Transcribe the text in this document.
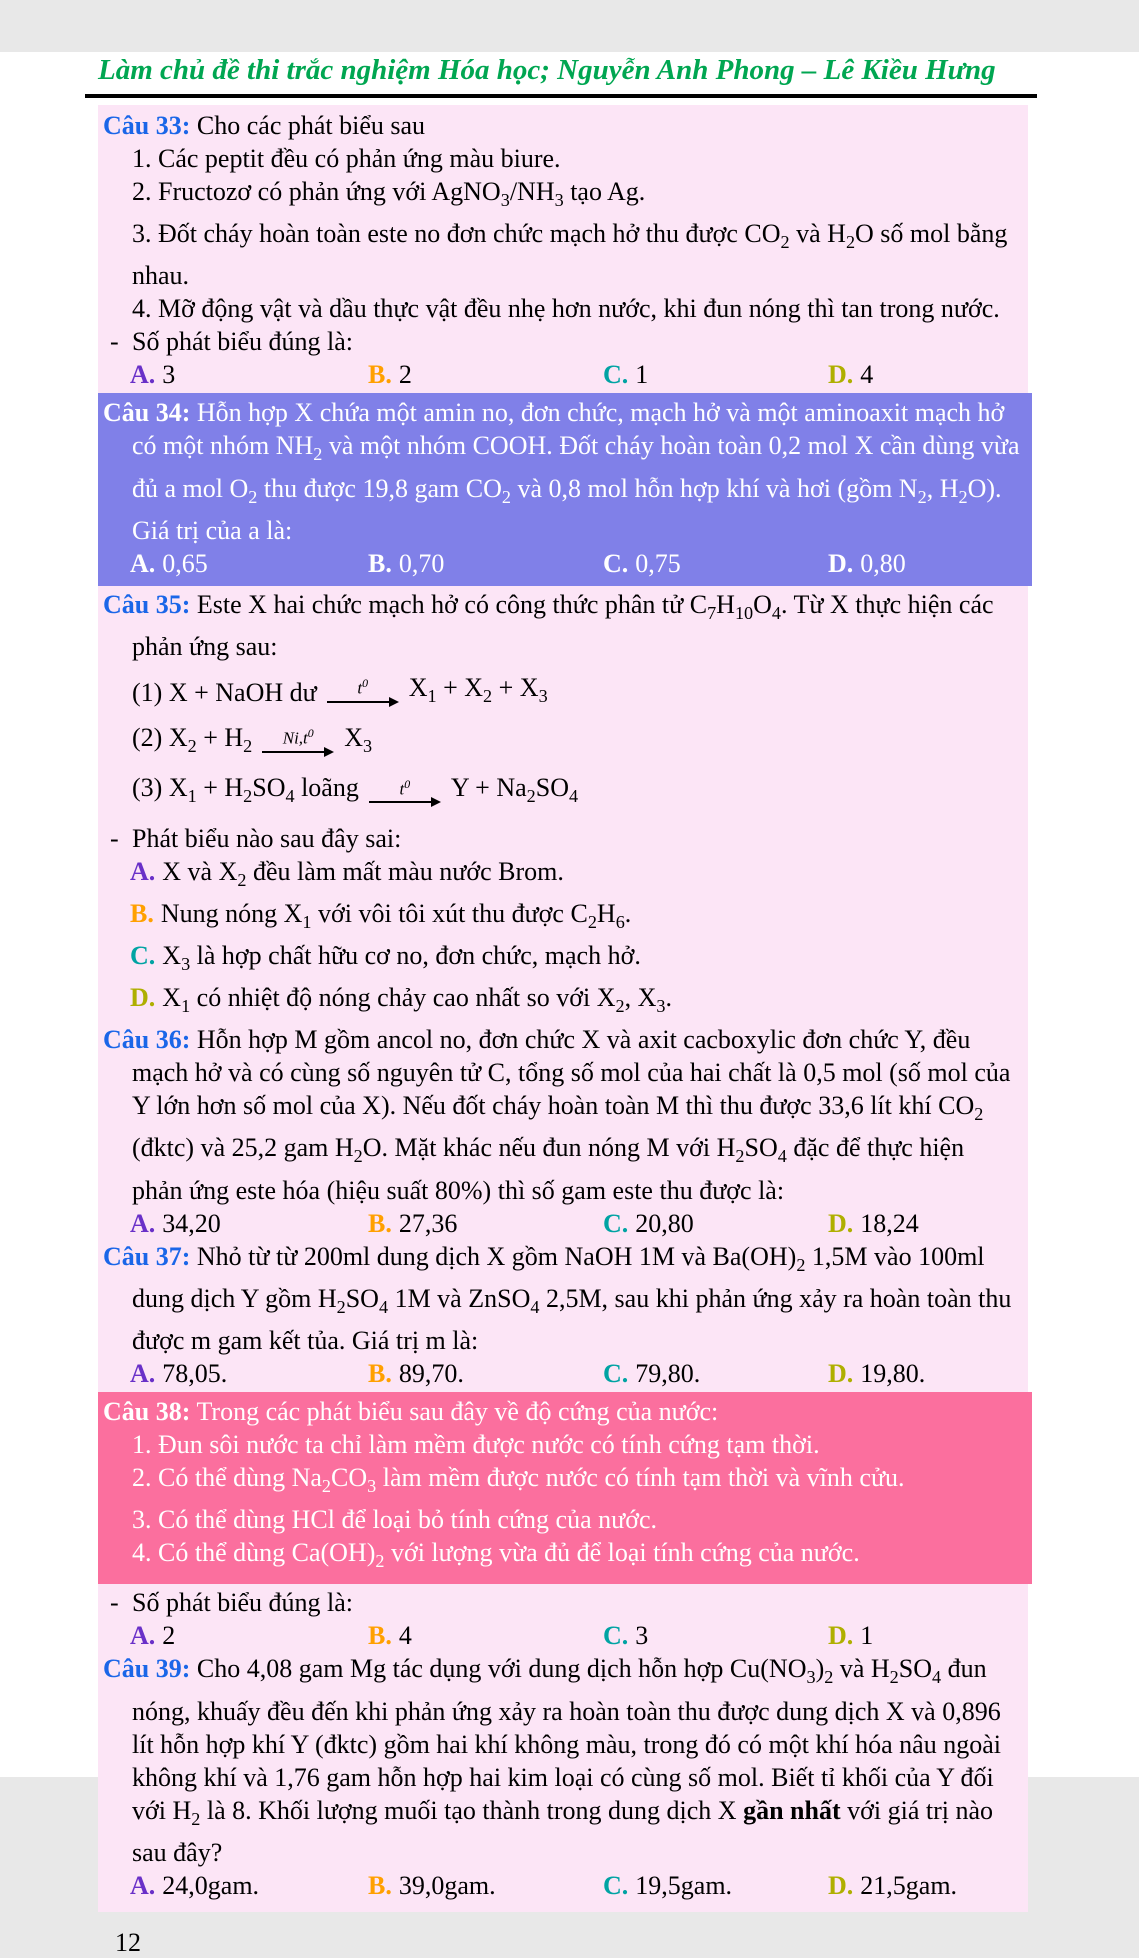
Làm chủ đề thi trắc nghiệm Hóa học; Nguyễn Anh Phong – Lê Kiều Hưng

Câu 33: Cho các phát biểu sau

1. Các peptit đều có phản ứng màu biure.

2. Fructozơ có phản ứng với $AgNO_3/NH_3$ tạo Ag.

3. Đốt cháy hoàn toàn este no đơn chức mạch hở thu được $CO_2$ và $H_2O$ số mol bằng nhau.

4. Mỡ động vật và dầu thực vật đều nhẹ hơn nước, khi đun nóng thì tan trong nước.

- Số phát biểu đúng là:
A. 3	B. 2	C. 1	D. 4

Câu 34: Hỗn hợp X chứa một amin no, đơn chức, mạch hở và một aminoaxit mạch hở có một nhóm $NH_2$ và một nhóm COOH. Đốt cháy hoàn toàn 0,2 mol X cần dùng vừa đủ a mol $O_2$ thu được 19,8 gam $CO_2$ và 0,8 mol hỗn hợp khí và hơi (gồm $N_2$, $H_2O$). Giá trị của a là:

A. 0,65	B. 0,70	C. 0,75	D. 0,80

Câu 35: Este X hai chức mạch hở có công thức phân tử $C_7H_{10}O_4$. Từ X thực hiện các phản ứng sau:

(1) X + NaOH dư $t^0$ $X_1 + X_2 + X_3$
(2) $X_2 + H_2$ $Ni,t^0$ $X_3$
(3) $X_1 + H_2SO_4$ loãng $t^0$ $Y + Na_2SO_4$
- Phát biểu nào sau đây sai:

A. X và $X_2$ đều làm mất màu nước Brom.

B. Nung nóng $X_1$ với vôi tôi xút thu được $C_2H_6$.

C. $X_3$ là hợp chất hữu cơ no, đơn chức, mạch hở.

D. $X_1$ có nhiệt độ nóng chảy cao nhất so với $X_2$, $X_3$.

Câu 36: Hỗn hợp M gồm ancol no, đơn chức X và axit cacboxylic đơn chức Y, đều mạch hở và có cùng số nguyên tử C, tổng số mol của hai chất là 0,5 mol (số mol của Y lớn hơn số mol của X). Nếu đốt cháy hoàn toàn M thì thu được 33,6 lít khí $CO_2$ (đktc) và 25,2 gam $H_2O$. Mặt khác nếu đun nóng M với $H_2SO_4$ đặc để thực hiện phản ứng este hóa (hiệu suất 80%) thì số gam este thu được là:

A. 34,20	B. 27,36	C. 20,80	D. 18,24

Câu 37: Nhỏ từ từ 200ml dung dịch X gồm NaOH 1M và $Ba(OH)_2$ 1,5M vào 100ml dung dịch Y gồm $H_2SO_4$ 1M và ZnSO$_4$ 2,5M, sau khi phản ứng xảy ra hoàn toàn thu được m gam kết tủa. Giá trị m là:

A. 78,05.	B. 89,70.	C. 79,80.	D. 19,80.

Câu 38: Trong các phát biểu sau đây về độ cứng của nước:

1. Đun sôi nước ta chỉ làm mềm được nước có tính cứng tạm thời.

2. Có thể dùng $Na_2CO_3$ làm mềm được nước có tính tạm thời và vĩnh cửu.

3. Có thể dùng HCl để loại bỏ tính cứng của nước.

4. Có thể dùng $Ca(OH)_2$ với lượng vừa đủ để loại tính cứng của nước.

- Số phát biểu đúng là:
A. 2	B. 4	C. 3	D. 1

Câu 39: Cho 4,08 gam Mg tác dụng với dung dịch hỗn hợp $Cu(NO_3)_2$ và $H_2SO_4$ đun nóng, khuấy đều đến khi phản ứng xảy ra hoàn toàn thu được dung dịch X và 0,896 lít hỗn hợp khí Y (đktc) gồm hai khí không màu, trong đó có một khí hóa nâu ngoài không khí và 1,76 gam hỗn hợp hai kim loại có cùng số mol. Biết tỉ khối của Y đối với $H_2$ là 8. Khối lượng muối tạo thành trong dung dịch X gần nhất với giá trị nào sau đây?

A. 24,0gam.	B. 39,0gam.	C. 19,5gam.	D. 21,5gam.
12
